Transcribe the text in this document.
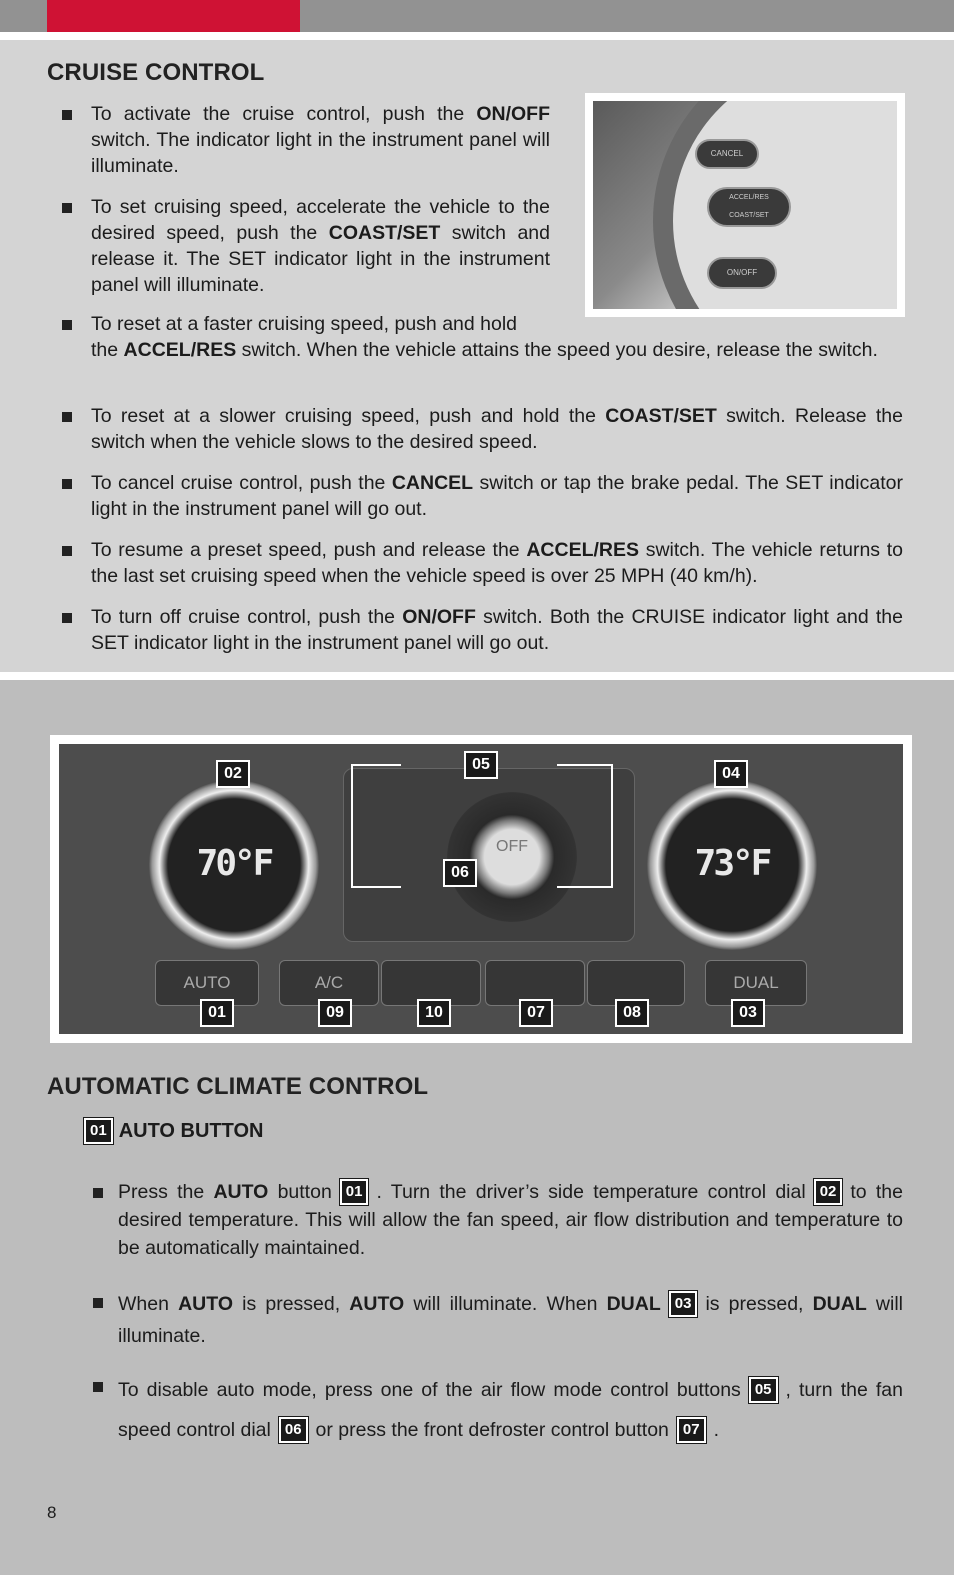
CRUISE CONTROL
CANCEL
ACCEL/RES
COAST/SET
ON/OFF

To activate the cruise control, push the ON/OFF switch. The indicator light in the instrument panel will illuminate.

To set cruising speed, accelerate the vehicle to the desired speed, push the COAST/SET switch and release it. The SET indicator light in the instrument panel will illuminate.

To reset at a faster cruising speed, push and hold

the ACCEL/RES switch. When the vehicle attains the speed you desire, release the switch.

To reset at a slower cruising speed, push and hold the COAST/SET switch. Release the switch when the vehicle slows to the desired speed.

To cancel cruise control, push the CANCEL switch or tap the brake pedal. The SET indicator light in the instrument panel will go out.

To resume a preset speed, push and release the ACCEL/RES switch. The vehicle returns to the last set cruising speed when the vehicle speed is over 25 MPH (40 km/h).

To turn off cruise control, push the ON/OFF switch. Both the CRUISE indicator light and the SET indicator light in the instrument panel will go out.

70°F	73°F
OFF
AUTO	A/C	DUAL
02
05
04
06
01	09	10	07	08	03
AUTOMATIC CLIMATE CONTROL
01 AUTO BUTTON

Press the AUTO button 01 . Turn the driver’s side temperature control dial 02 to the desired temperature. This will allow the fan speed, air flow distribution and temperature to be automatically maintained.

When AUTO is pressed, AUTO will illuminate. When DUAL 03 is pressed, DUAL will illuminate.

To disable auto mode, press one of the air flow mode control buttons 05 , turn the fan speed control dial 06 or press the front defroster control button 07 .

8
